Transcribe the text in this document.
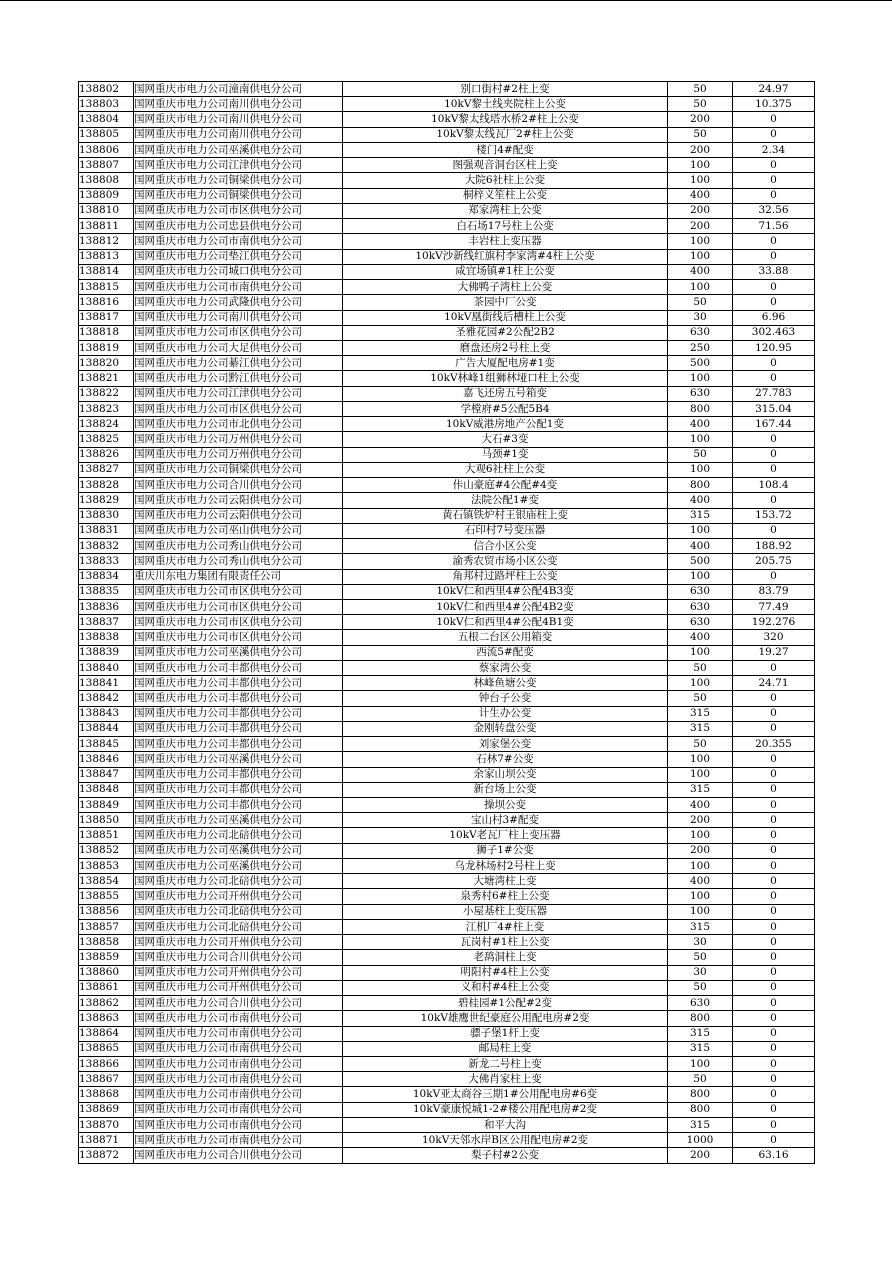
138802	国网重庆市电力公司潼南供电分公司	别口街村#2柱上变	50	24.97
138803	国网重庆市电力公司南川供电分公司	10kV黎土线夹院柱上公变	50	10.375
138804	国网重庆市电力公司南川供电分公司	10kV黎太线塔水桥2#柱上公变	200	0
138805	国网重庆市电力公司南川供电分公司	10kV黎太线瓦厂2#柱上公变	50	0
138806	国网重庆市电力公司巫溪供电分公司	楼门4#配变	200	2.34
138807	国网重庆市电力公司江津供电分公司	图强观音洞台区柱上变	100	0
138808	国网重庆市电力公司铜梁供电分公司	大院6社柱上公变	100	0
138809	国网重庆市电力公司铜梁供电分公司	桐梓义笙柱上公变	400	0
138810	国网重庆市电力公司市区供电分公司	郑家湾柱上公变	200	32.56
138811	国网重庆市电力公司忠县供电分公司	白石场17号柱上公变	200	71.56
138812	国网重庆市电力公司市南供电分公司	丰岩柱上变压器	100	0
138813	国网重庆市电力公司垫江供电分公司	10kV沙新线红旗村李家湾#4柱上公变	100	0
138814	国网重庆市电力公司城口供电分公司	咸宜场镇#1柱上公变	400	33.88
138815	国网重庆市电力公司市南供电分公司	大佛鸭子湾柱上公变	100	0
138816	国网重庆市电力公司武隆供电分公司	茶园中厂公变	50	0
138817	国网重庆市电力公司南川供电分公司	10kV凰街线后槽柱上公变	30	6.96
138818	国网重庆市电力公司市区供电分公司	圣雅花园#2公配2B2	630	302.463
138819	国网重庆市电力公司大足供电分公司	磨盘还房2号柱上变	250	120.95
138820	国网重庆市电力公司綦江供电分公司	广告大厦配电房#1变	500	0
138821	国网重庆市电力公司黔江供电分公司	10kV林峰1组狮林垭口柱上公变	100	0
138822	国网重庆市电力公司江津供电分公司	嘉飞还房五号箱变	630	27.783
138823	国网重庆市电力公司市区供电分公司	学樘府#5公配5B4	800	315.04
138824	国网重庆市电力公司市北供电分公司	10kV威港房地产公配1变	400	167.44
138825	国网重庆市电力公司万州供电分公司	大石#3变	100	0
138826	国网重庆市电力公司万州供电分公司	马颈#1变	50	0
138827	国网重庆市电力公司铜梁供电分公司	大观6社柱上公变	100	0
138828	国网重庆市电力公司合川供电分公司	佧山豪庭#4公配#4变	800	108.4
138829	国网重庆市电力公司云阳供电分公司	法院公配1#变	400	0
138830	国网重庆市电力公司云阳供电分公司	黄石镇铁炉村王银庙柱上变	315	153.72
138831	国网重庆市电力公司巫山供电分公司	石印村7号变压器	100	0
138832	国网重庆市电力公司秀山供电分公司	信合小区公变	400	188.92
138833	国网重庆市电力公司秀山供电分公司	渝秀农贸市场小区公变	500	205.75
138834	重庆川东电力集团有限责任公司	角邦村过路坪柱上公变	100	0
138835	国网重庆市电力公司市区供电分公司	10kV仁和西里4#公配4B3变	630	83.79
138836	国网重庆市电力公司市区供电分公司	10kV仁和西里4#公配4B2变	630	77.49
138837	国网重庆市电力公司市区供电分公司	10kV仁和西里4#公配4B1变	630	192.276
138838	国网重庆市电力公司市区供电分公司	五根二台区公用箱变	400	320
138839	国网重庆市电力公司巫溪供电分公司	西流5#配变	100	19.27
138840	国网重庆市电力公司丰都供电分公司	蔡家湾公变	50	0
138841	国网重庆市电力公司丰都供电分公司	林峰鱼塘公变	100	24.71
138842	国网重庆市电力公司丰都供电分公司	钟台子公变	50	0
138843	国网重庆市电力公司丰都供电分公司	计生办公变	315	0
138844	国网重庆市电力公司丰都供电分公司	金刚转盘公变	315	0
138845	国网重庆市电力公司丰都供电分公司	刘家堡公变	50	20.355
138846	国网重庆市电力公司巫溪供电分公司	石林7#公变	100	0
138847	国网重庆市电力公司丰都供电分公司	余家山坝公变	100	0
138848	国网重庆市电力公司丰都供电分公司	新台场上公变	315	0
138849	国网重庆市电力公司丰都供电分公司	操坝公变	400	0
138850	国网重庆市电力公司巫溪供电分公司	宝山村3#配变	200	0
138851	国网重庆市电力公司北碚供电分公司	10kV老瓦厂柱上变压器	100	0
138852	国网重庆市电力公司巫溪供电分公司	狮子1#公变	200	0
138853	国网重庆市电力公司巫溪供电分公司	乌龙林场村2号柱上变	100	0
138854	国网重庆市电力公司北碚供电分公司	大塘湾柱上变	400	0
138855	国网重庆市电力公司开州供电分公司	泉秀村6#柱上公变	100	0
138856	国网重庆市电力公司北碚供电分公司	小屋基柱上变压器	100	0
138857	国网重庆市电力公司北碚供电分公司	江机厂4#柱上变	315	0
138858	国网重庆市电力公司开州供电分公司	瓦岗村#1柱上公变	30	0
138859	国网重庆市电力公司合川供电分公司	老鸹洞柱上变	50	0
138860	国网重庆市电力公司开州供电分公司	明阳村#4柱上公变	30	0
138861	国网重庆市电力公司开州供电分公司	义和村#4柱上公变	50	0
138862	国网重庆市电力公司合川供电分公司	碧桂园#1公配#2变	630	0
138863	国网重庆市电力公司市南供电分公司	10kV雄鹰世纪豪庭公用配电房#2变	800	0
138864	国网重庆市电力公司市南供电分公司	骠子堡1杆上变	315	0
138865	国网重庆市电力公司市南供电分公司	邮局柱上变	315	0
138866	国网重庆市电力公司市南供电分公司	新龙二号柱上变	100	0
138867	国网重庆市电力公司市南供电分公司	大佛肖家柱上变	50	0
138868	国网重庆市电力公司市南供电分公司	10kV亚太商谷三期1#公用配电房#6变	800	0
138869	国网重庆市电力公司市南供电分公司	10kV豪康悦城1-2#楼公用配电房#2变	800	0
138870	国网重庆市电力公司市南供电分公司	和平大沟	315	0
138871	国网重庆市电力公司市南供电分公司	10kV天邻水岸B区公用配电房#2变	1000	0
138872	国网重庆市电力公司合川供电分公司	梨子村#2公变	200	63.16
